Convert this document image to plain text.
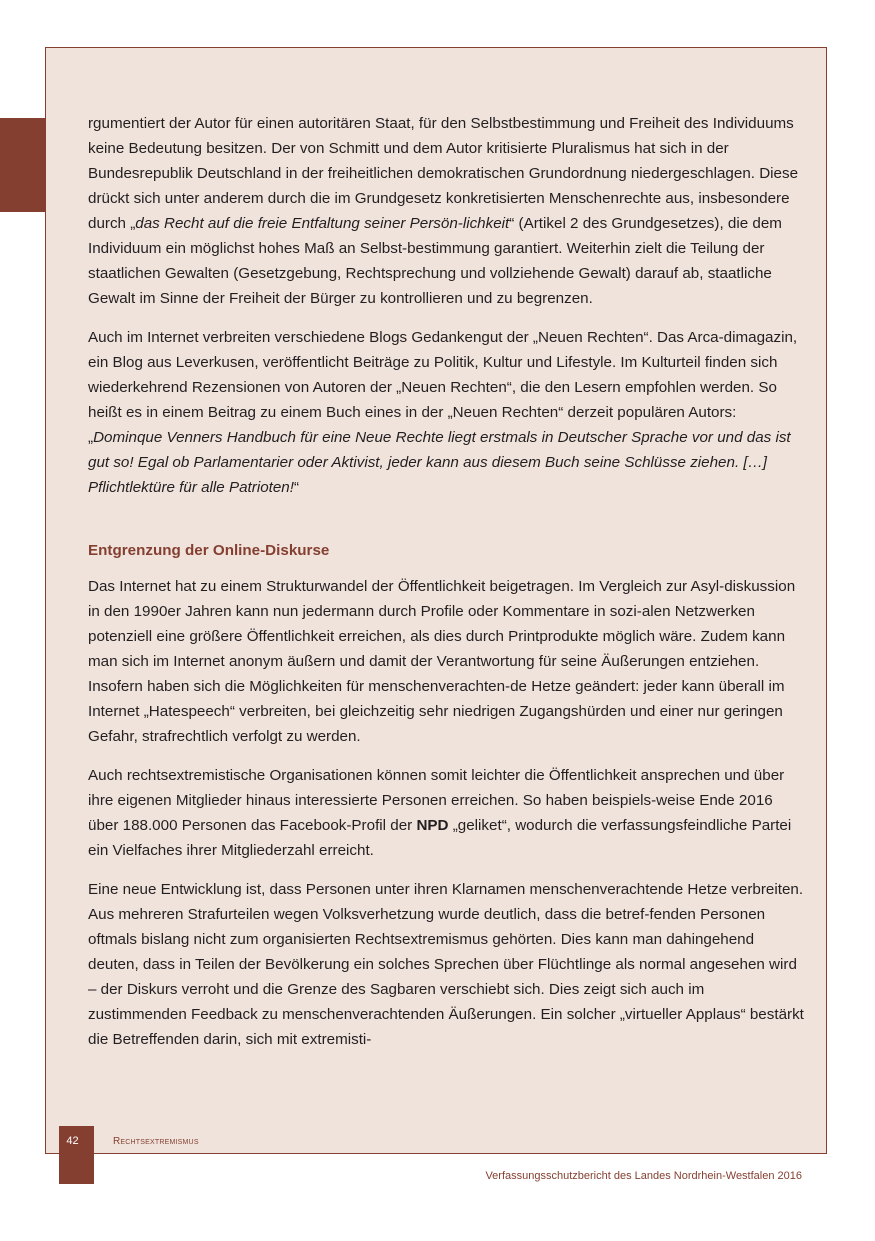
rgumentiert der Autor für einen autoritären Staat, für den Selbstbestimmung und Freiheit des Individuums keine Bedeutung besitzen. Der von Schmitt und dem Autor kritisierte Pluralismus hat sich in der Bundesrepublik Deutschland in der freiheitlichen demokratischen Grundordnung niedergeschlagen. Diese drückt sich unter anderem durch die im Grundgesetz konkretisierten Menschenrechte aus, insbesondere durch „das Recht auf die freie Entfaltung seiner Persön-lichkeit“ (Artikel 2 des Grundgesetzes), die dem Individuum ein möglichst hohes Maß an Selbst-bestimmung garantiert. Weiterhin zielt die Teilung der staatlichen Gewalten (Gesetzgebung, Rechtsprechung und vollziehende Gewalt) darauf ab, staatliche Gewalt im Sinne der Freiheit der Bürger zu kontrollieren und zu begrenzen.

Auch im Internet verbreiten verschiedene Blogs Gedankengut der „Neuen Rechten“. Das Arca-dimagazin, ein Blog aus Leverkusen, veröffentlicht Beiträge zu Politik, Kultur und Lifestyle. Im Kulturteil finden sich wiederkehrend Rezensionen von Autoren der „Neuen Rechten“, die den Lesern empfohlen werden. So heißt es in einem Beitrag zu einem Buch eines in der „Neuen Rechten“ derzeit populären Autors: „Dominque Venners Handbuch für eine Neue Rechte liegt erstmals in Deutscher Sprache vor und das ist gut so! Egal ob Parlamentarier oder Aktivist, jeder kann aus diesem Buch seine Schlüsse ziehen. […] Pflichtlektüre für alle Patrioten!“

Entgrenzung der Online-Diskurse

Das Internet hat zu einem Strukturwandel der Öffentlichkeit beigetragen. Im Vergleich zur Asyl-diskussion in den 1990er Jahren kann nun jedermann durch Profile oder Kommentare in sozi-alen Netzwerken potenziell eine größere Öffentlichkeit erreichen, als dies durch Printprodukte möglich wäre. Zudem kann man sich im Internet anonym äußern und damit der Verantwortung für seine Äußerungen entziehen. Insofern haben sich die Möglichkeiten für menschenverachten-de Hetze geändert: jeder kann überall im Internet „Hatespeech“ verbreiten, bei gleichzeitig sehr niedrigen Zugangshürden und einer nur geringen Gefahr, strafrechtlich verfolgt zu werden.

Auch rechtsextremistische Organisationen können somit leichter die Öffentlichkeit ansprechen und über ihre eigenen Mitglieder hinaus interessierte Personen erreichen. So haben beispiels-weise Ende 2016 über 188.000 Personen das Facebook-Profil der NPD „geliket“, wodurch die verfassungsfeindliche Partei ein Vielfaches ihrer Mitgliederzahl erreicht.

Eine neue Entwicklung ist, dass Personen unter ihren Klarnamen menschenverachtende Hetze verbreiten. Aus mehreren Strafurteilen wegen Volksverhetzung wurde deutlich, dass die betref-fenden Personen oftmals bislang nicht zum organisierten Rechtsextremismus gehörten. Dies kann man dahingehend deuten, dass in Teilen der Bevölkerung ein solches Sprechen über Flüchtlinge als normal angesehen wird – der Diskurs verroht und die Grenze des Sagbaren verschiebt sich. Dies zeigt sich auch im zustimmenden Feedback zu menschenverachtenden Äußerungen. Ein solcher „virtueller Applaus“ bestärkt die Betreffenden darin, sich mit extremisti-

42	Rechtsextremismus
Verfassungsschutzbericht des Landes Nordrhein-Westfalen 2016
